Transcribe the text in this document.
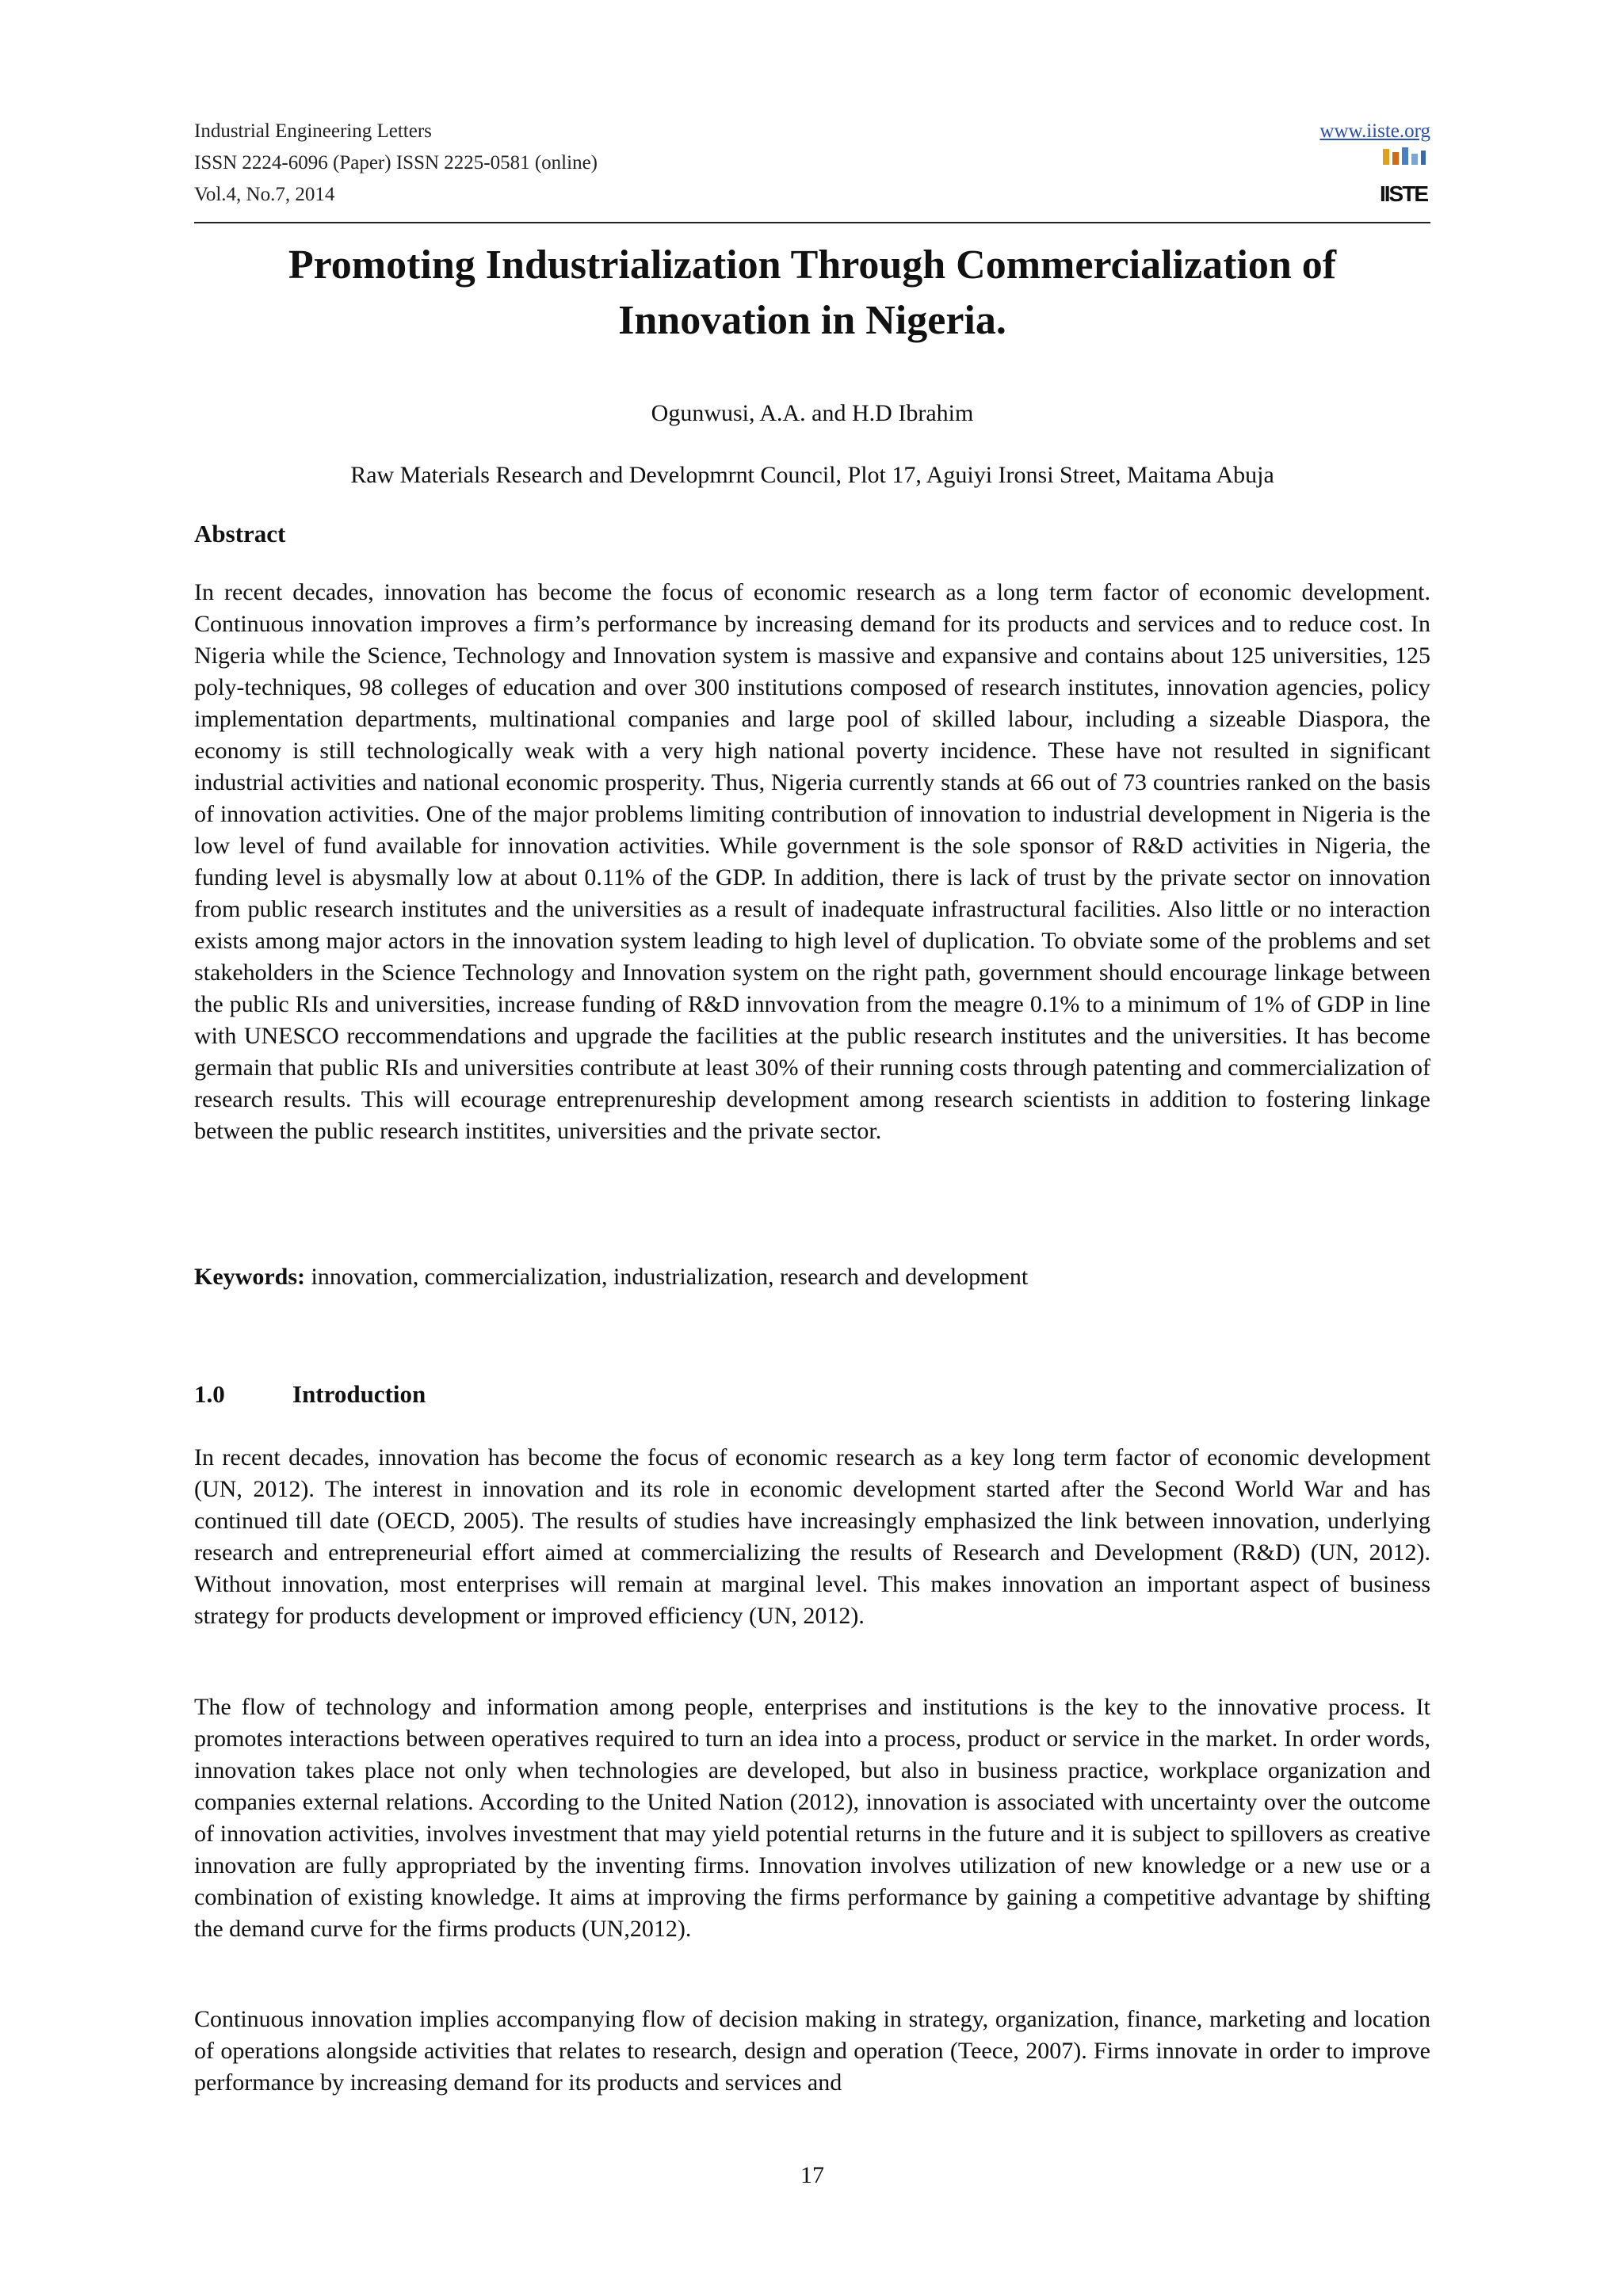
Industrial Engineering Letters
ISSN 2224-6096 (Paper) ISSN 2225-0581 (online)
Vol.4, No.7, 2014
www.iiste.org
IISTE
Promoting Industrialization Through Commercialization of Innovation in Nigeria.
Ogunwusi, A.A. and H.D Ibrahim
Raw Materials Research and Developmrnt Council, Plot 17, Aguiyi Ironsi Street, Maitama Abuja
Abstract

In recent decades, innovation has become the focus of economic research as a long term factor of economic development. Continuous innovation improves a firm’s performance by increasing demand for its products and services and to reduce cost. In Nigeria while the Science, Technology and Innovation system is massive and expansive and contains about 125 universities, 125 poly-techniques, 98 colleges of education and over 300 institutions composed of research institutes, innovation agencies, policy implementation departments, multinational companies and large pool of skilled labour, including a sizeable Diaspora, the economy is still technologically weak with a very high national poverty incidence. These have not resulted in significant industrial activities and national economic prosperity. Thus, Nigeria currently stands at 66 out of 73 countries ranked on the basis of innovation activities. One of the major problems limiting contribution of innovation to industrial development in Nigeria is the low level of fund available for innovation activities. While government is the sole sponsor of R&D activities in Nigeria, the funding level is abysmally low at about 0.11% of the GDP. In addition, there is lack of trust by the private sector on innovation from public research institutes and the universities as a result of inadequate infrastructural facilities. Also little or no interaction exists among major actors in the innovation system leading to high level of duplication. To obviate some of the problems and set stakeholders in the Science Technology and Innovation system on the right path, government should encourage linkage between the public RIs and universities, increase funding of R&D innvovation from the meagre 0.1% to a minimum of 1% of GDP in line with UNESCO reccommendations and upgrade the facilities at the public research institutes and the universities. It has become germain that public RIs and universities contribute at least 30% of their running costs through patenting and commercialization of research results. This will ecourage entreprenureship development among research scientists in addition to fostering linkage between the public research institites, universities and the private sector.

Keywords: innovation, commercialization, industrialization, research and development
1.0	Introduction

In recent decades, innovation has become the focus of economic research as a key long term factor of economic development (UN, 2012). The interest in innovation and its role in economic development started after the Second World War and has continued till date (OECD, 2005). The results of studies have increasingly emphasized the link between innovation, underlying research and entrepreneurial effort aimed at commercializing the results of Research and Development (R&D) (UN, 2012). Without innovation, most enterprises will remain at marginal level. This makes innovation an important aspect of business strategy for products development or improved efficiency (UN, 2012).

The flow of technology and information among people, enterprises and institutions is the key to the innovative process. It promotes interactions between operatives required to turn an idea into a process, product or service in the market. In order words, innovation takes place not only when technologies are developed, but also in business practice, workplace organization and companies external relations. According to the United Nation (2012), innovation is associated with uncertainty over the outcome of innovation activities, involves investment that may yield potential returns in the future and it is subject to spillovers as creative innovation are fully appropriated by the inventing firms. Innovation involves utilization of new knowledge or a new use or a combination of existing knowledge. It aims at improving the firms performance by gaining a competitive advantage by shifting the demand curve for the firms products (UN,2012).

Continuous innovation implies accompanying flow of decision making in strategy, organization, finance, marketing and location of operations alongside activities that relates to research, design and operation (Teece, 2007). Firms innovate in order to improve performance by increasing demand for its products and services and

17
